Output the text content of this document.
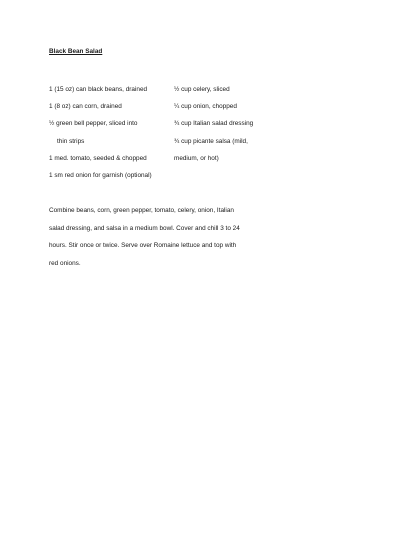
Black Bean Salad
1 (15 oz) can black beans, drained
1 (8 oz) can corn, drained
½ green bell pepper, sliced into
thin strips
1 med. tomato, seeded & chopped
1 sm red onion for garnish (optional)
½ cup celery, sliced
¼ cup onion, chopped
¾ cup Italian salad dressing
¾ cup picante salsa (mild,
medium, or hot)
Combine beans, corn, green pepper, tomato, celery, onion, Italian
salad dressing, and salsa in a medium bowl. Cover and chill 3 to 24
hours. Stir once or twice. Serve over Romaine lettuce and top with
red onions.
